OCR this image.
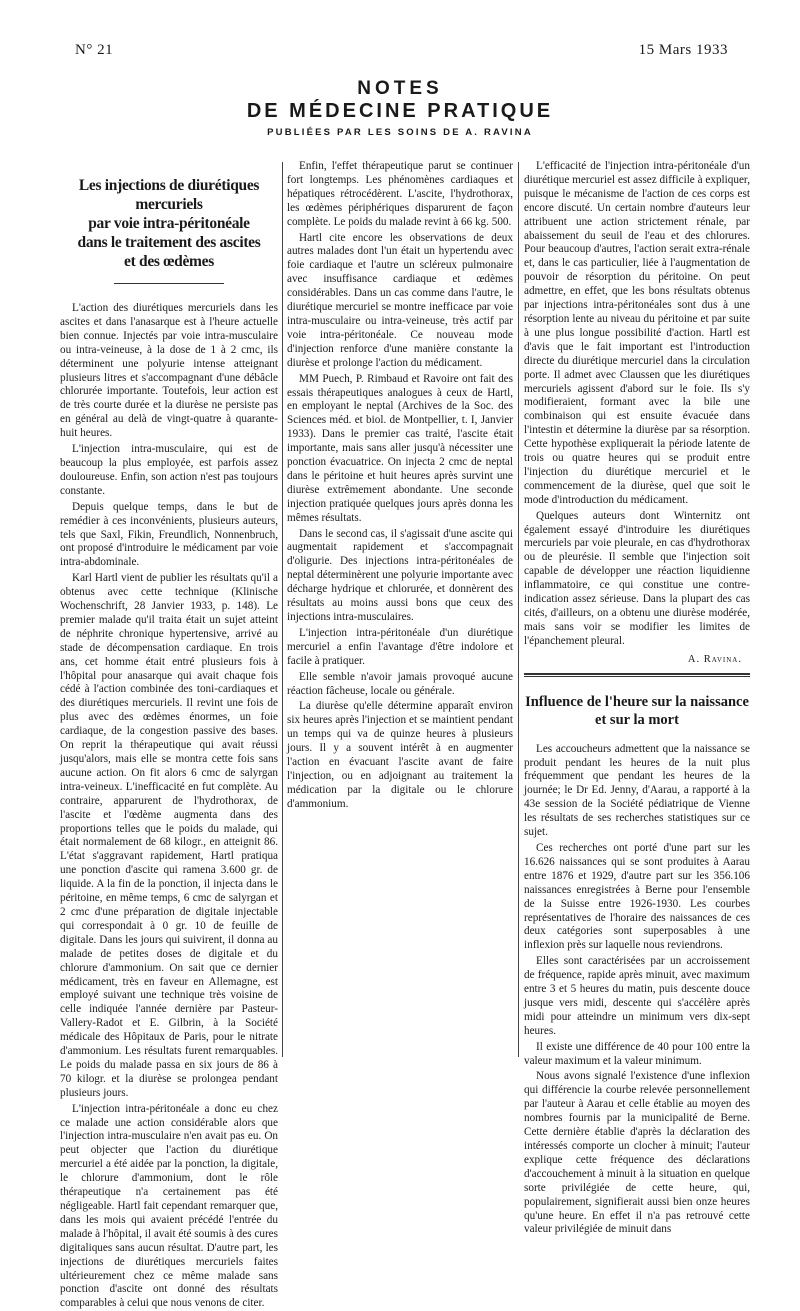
N° 21	15 Mars 1933
NOTES
DE MÉDECINE PRATIQUE
PUBLIÉES PAR LES SOINS DE A. RAVINA
Les injections de diurétiques mercuriels
par voie intra-péritonéale
dans le traitement des ascites
et des œdèmes

L'action des diurétiques mercuriels dans les ascites et dans l'anasarque est à l'heure actuelle bien connue. Injectés par voie intra-musculaire ou intra-veineuse, à la dose de 1 à 2 cmc, ils déterminent une polyurie intense atteignant plusieurs litres et s'accompagnant d'une débâcle chlorurée importante. Toutefois, leur action est de très courte durée et la diurèse ne persiste pas en général au delà de vingt-quatre à quarante-huit heures.

L'injection intra-musculaire, qui est de beaucoup la plus employée, est parfois assez douloureuse. Enfin, son action n'est pas toujours constante.

Depuis quelque temps, dans le but de remédier à ces inconvénients, plusieurs auteurs, tels que Saxl, Fikin, Freundlich, Nonnenbruch, ont proposé d'introduire le médicament par voie intra-abdominale.

Karl Hartl vient de publier les résultats qu'il a obtenus avec cette technique (Klinische Wochenschrift, 28 Janvier 1933, p. 148). Le premier malade qu'il traita était un sujet atteint de néphrite chronique hypertensive, arrivé au stade de décompensation cardiaque. En trois ans, cet homme était entré plusieurs fois à l'hôpital pour anasarque qui avait chaque fois cédé à l'action combinée des toni-cardiaques et des diurétiques mercuriels. Il revint une fois de plus avec des œdèmes énormes, un foie cardiaque, de la congestion passive des bases. On reprit la thérapeutique qui avait réussi jusqu'alors, mais elle se montra cette fois sans aucune action. On fit alors 6 cmc de salyrgan intra-veineux. L'inefficacité en fut complète. Au contraire, apparurent de l'hydrothorax, de l'ascite et l'œdème augmenta dans des proportions telles que le poids du malade, qui était normalement de 68 kilogr., en atteignit 86. L'état s'aggravant rapidement, Hartl pratiqua une ponction d'ascite qui ramena 3.600 gr. de liquide. A la fin de la ponction, il injecta dans le péritoine, en même temps, 6 cmc de salyrgan et 2 cmc d'une préparation de digitale injectable qui correspondait à 0 gr. 10 de feuille de digitale. Dans les jours qui suivirent, il donna au malade de petites doses de digitale et du chlorure d'ammonium. On sait que ce dernier médicament, très en faveur en Allemagne, est employé suivant une technique très voisine de celle indiquée l'année dernière par Pasteur-Vallery-Radot et E. Gilbrin, à la Société médicale des Hôpitaux de Paris, pour le nitrate d'ammonium. Les résultats furent remarquables. Le poids du malade passa en six jours de 86 à 70 kilogr. et la diurèse se prolongea pendant plusieurs jours.

L'injection intra-péritonéale a donc eu chez ce malade une action considérable alors que l'injection intra-musculaire n'en avait pas eu. On peut objecter que l'action du diurétique mercuriel a été aidée par la ponction, la digitale, le chlorure d'ammonium, dont le rôle thérapeutique n'a certainement pas été négligeable. Hartl fait cependant remarquer que, dans les mois qui avaient précédé l'entrée du malade à l'hôpital, il avait été soumis à des cures digitaliques sans aucun résultat. D'autre part, les injections de diurétiques mercuriels faites ultérieurement chez ce même malade sans ponction d'ascite ont donné des résultats comparables à celui que nous venons de citer.

Enfin, l'effet thérapeutique parut se continuer fort longtemps. Les phénomènes cardiaques et hépatiques rétrocédèrent. L'ascite, l'hydrothorax, les œdèmes périphériques disparurent de façon complète. Le poids du malade revint à 66 kg. 500.

Hartl cite encore les observations de deux autres malades dont l'un était un hypertendu avec foie cardiaque et l'autre un scléreux pulmonaire avec insuffisance cardiaque et œdèmes considérables. Dans un cas comme dans l'autre, le diurétique mercuriel se montre inefficace par voie intra-musculaire ou intra-veineuse, très actif par voie intra-péritonéale. Ce nouveau mode d'injection renforce d'une manière constante la diurèse et prolonge l'action du médicament.

MM Puech, P. Rimbaud et Ravoire ont fait des essais thérapeutiques analogues à ceux de Hartl, en employant le neptal (Archives de la Soc. des Sciences méd. et biol. de Montpellier, t. I, Janvier 1933). Dans le premier cas traité, l'ascite était importante, mais sans aller jusqu'à nécessiter une ponction évacuatrice. On injecta 2 cmc de neptal dans le péritoine et huit heures après survint une diurèse extrêmement abondante. Une seconde injection pratiquée quelques jours après donna les mêmes résultats.

Dans le second cas, il s'agissait d'une ascite qui augmentait rapidement et s'accompagnait d'oligurie. Des injections intra-péritonéales de neptal déterminèrent une polyurie importante avec décharge hydrique et chlorurée, et donnèrent des résultats au moins aussi bons que ceux des injections intra-musculaires.

L'injection intra-péritonéale d'un diurétique mercuriel a enfin l'avantage d'être indolore et facile à pratiquer.

Elle semble n'avoir jamais provoqué aucune réaction fâcheuse, locale ou générale.

La diurèse qu'elle détermine apparaît environ six heures après l'injection et se maintient pendant un temps qui va de quinze heures à plusieurs jours. Il y a souvent intérêt à en augmenter l'action en évacuant l'ascite avant de faire l'injection, ou en adjoignant au traitement la médication par la digitale ou le chlorure d'ammonium.

L'efficacité de l'injection intra-péritonéale d'un diurétique mercuriel est assez difficile à expliquer, puisque le mécanisme de l'action de ces corps est encore discuté. Un certain nombre d'auteurs leur attribuent une action strictement rénale, par abaissement du seuil de l'eau et des chlorures. Pour beaucoup d'autres, l'action serait extra-rénale et, dans le cas particulier, liée à l'augmentation de pouvoir de résorption du péritoine. On peut admettre, en effet, que les bons résultats obtenus par injections intra-péritonéales sont dus à une résorption lente au niveau du péritoine et par suite à une plus longue possibilité d'action. Hartl est d'avis que le fait important est l'introduction directe du diurétique mercuriel dans la circulation porte. Il admet avec Claussen que les diurétiques mercuriels agissent d'abord sur le foie. Ils s'y modifieraient, formant avec la bile une combinaison qui est ensuite évacuée dans l'intestin et détermine la diurèse par sa résorption. Cette hypothèse expliquerait la période latente de trois ou quatre heures qui se produit entre l'injection du diurétique mercuriel et le commencement de la diurèse, quel que soit le mode d'introduction du médicament.

Quelques auteurs dont Winternitz ont également essayé d'introduire les diurétiques mercuriels par voie pleurale, en cas d'hydrothorax ou de pleurésie. Il semble que l'injection soit capable de développer une réaction liquidienne inflammatoire, ce qui constitue une contre-indication assez sérieuse. Dans la plupart des cas cités, d'ailleurs, on a obtenu une diurèse modérée, mais sans voir se modifier les limites de l'épanchement pleural.

A. Ravina.
Influence de l'heure sur la naissance
et sur la mort

Les accoucheurs admettent que la naissance se produit pendant les heures de la nuit plus fréquemment que pendant les heures de la journée; le Dr Ed. Jenny, d'Aarau, a rapporté à la 43e session de la Société pédiatrique de Vienne les résultats de ses recherches statistiques sur ce sujet.

Ces recherches ont porté d'une part sur les 16.626 naissances qui se sont produites à Aarau entre 1876 et 1929, d'autre part sur les 356.106 naissances enregistrées à Berne pour l'ensemble de la Suisse entre 1926-1930. Les courbes représentatives de l'horaire des naissances de ces deux catégories sont superposables à une inflexion près sur laquelle nous reviendrons.

Elles sont caractérisées par un accroissement de fréquence, rapide après minuit, avec maximum entre 3 et 5 heures du matin, puis descente douce jusque vers midi, descente qui s'accélère après midi pour atteindre un minimum vers dix-sept heures.

Il existe une différence de 40 pour 100 entre la valeur maximum et la valeur minimum.

Nous avons signalé l'existence d'une inflexion qui différencie la courbe relevée personnellement par l'auteur à Aarau et celle établie au moyen des nombres fournis par la municipalité de Berne. Cette dernière établie d'après la déclaration des intéressés comporte un clocher à minuit; l'auteur explique cette fréquence des déclarations d'accouchement à minuit à la situation en quelque sorte privilégiée de cette heure, qui, populairement, signifierait aussi bien onze heures qu'une heure. En effet il n'a pas retrouvé cette valeur privilégiée de minuit dans
